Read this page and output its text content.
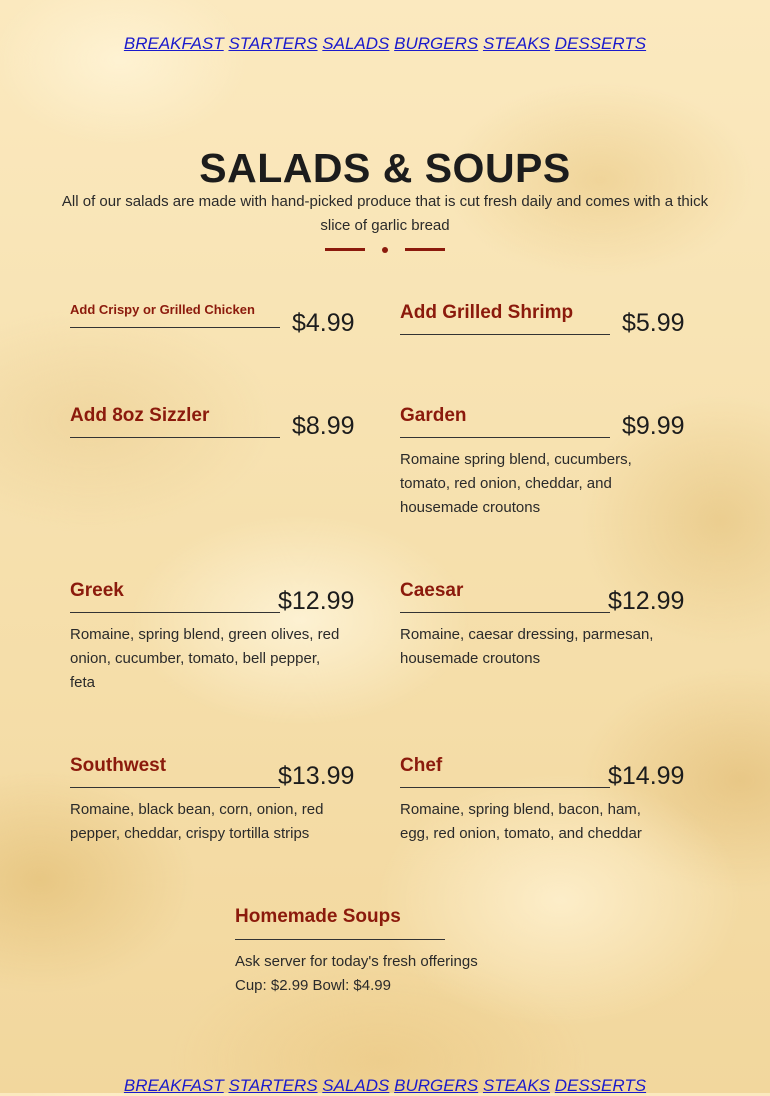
BREAKFAST STARTERS SALADS BURGERS STEAKS DESSERTS
SALADS & SOUPS
All of our salads are made with hand-picked produce that is cut fresh daily and comes with a thick slice of garlic bread
Add Crispy or Grilled Chicken	$4.99 Add Grilled Shrimp	$5.99
Add 8oz Sizzler	$8.99 Garden	$9.99
Romaine spring blend, cucumbers, tomato, red onion, cheddar, and housemade croutons
Greek	$12.99
Romaine, spring blend, green olives, red onion, cucumber, tomato, bell pepper, feta
Caesar	$12.99
Romaine, caesar dressing, parmesan, housemade croutons
Southwest	$13.99
Romaine, black bean, corn, onion, red pepper, cheddar, crispy tortilla strips
Chef	$14.99
Romaine, spring blend, bacon, ham, egg, red onion, tomato, and cheddar
Homemade Soups
Ask server for today's fresh offerings
Cup: $2.99 Bowl: $4.99
BREAKFAST STARTERS SALADS BURGERS STEAKS DESSERTS
